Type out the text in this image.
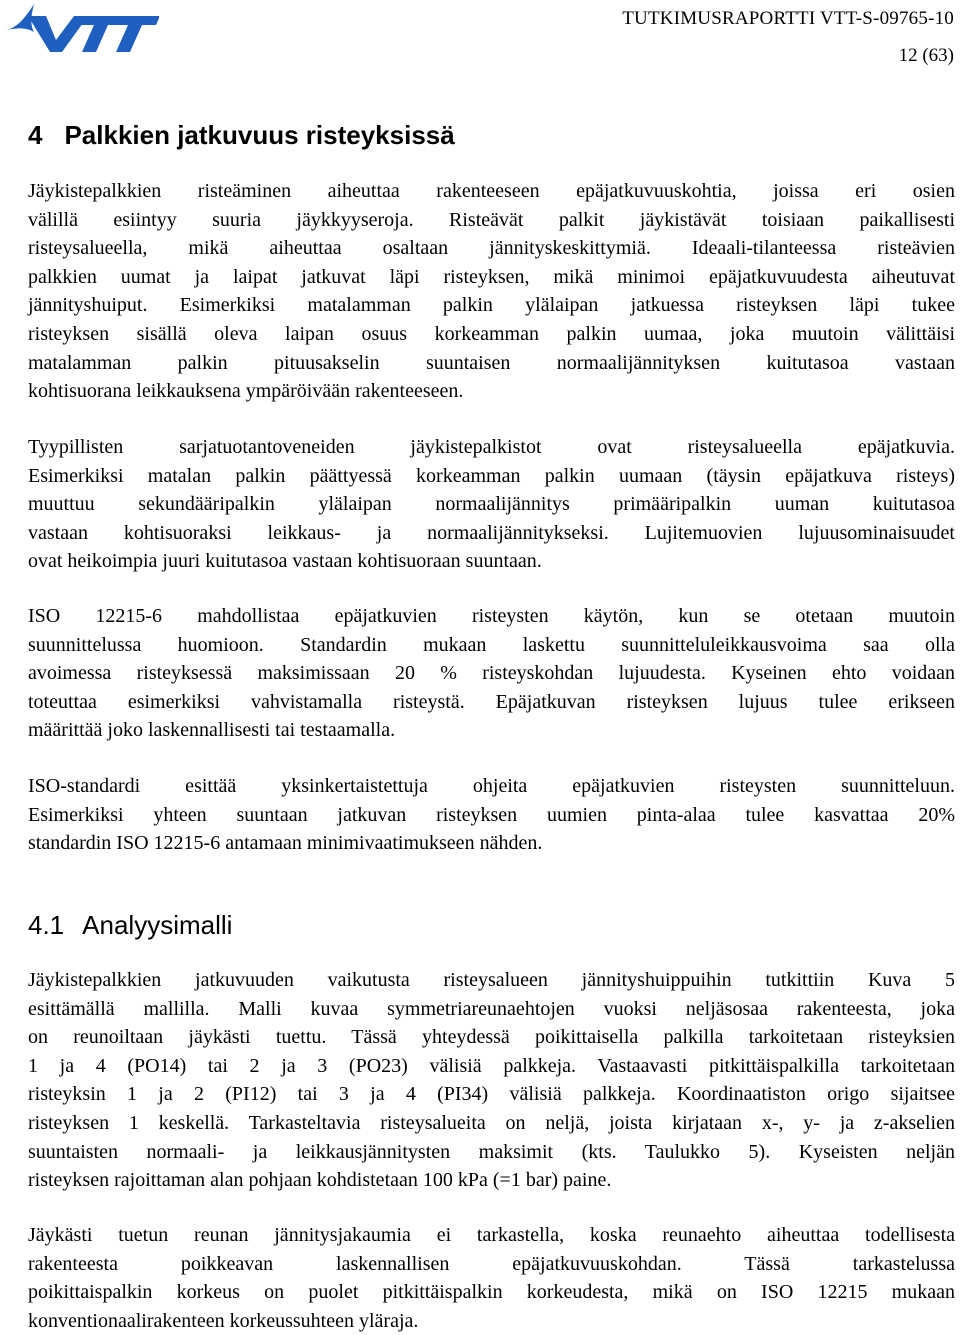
TUTKIMUSRAPORTTI VTT-S-09765-10
12 (63)
4 Palkkien jatkuvuus risteyksissä
Jäykistepalkkien risteäminen aiheuttaa rakenteeseen epäjatkuvuuskohtia, joissa eri osien
välillä esiintyy suuria jäykkyyseroja. Risteävät palkit jäykistävät toisiaan paikallisesti
risteysalueella, mikä aiheuttaa osaltaan jännityskeskittymiä. Ideaali-tilanteessa risteävien
palkkien uumat ja laipat jatkuvat läpi risteyksen, mikä minimoi epäjatkuvuudesta aiheutuvat
jännityshuiput. Esimerkiksi matalamman palkin ylälaipan jatkuessa risteyksen läpi tukee
risteyksen sisällä oleva laipan osuus korkeamman palkin uumaa, joka muutoin välittäisi
matalamman palkin pituusakselin suuntaisen normaalijännityksen kuitutasoa vastaan
kohtisuorana leikkauksena ympäröivään rakenteeseen.
Tyypillisten sarjatuotantoveneiden jäykistepalkistot ovat risteysalueella epäjatkuvia.
Esimerkiksi matalan palkin päättyessä korkeamman palkin uumaan (täysin epäjatkuva risteys)
muuttuu sekundääripalkin ylälaipan normaalijännitys primääripalkin uuman kuitutasoa
vastaan kohtisuoraksi leikkaus- ja normaalijännitykseksi. Lujitemuovien lujuusominaisuudet
ovat heikoimpia juuri kuitutasoa vastaan kohtisuoraan suuntaan.
ISO 12215-6 mahdollistaa epäjatkuvien risteysten käytön, kun se otetaan muutoin
suunnittelussa huomioon. Standardin mukaan laskettu suunnitteluleikkausvoima saa olla
avoimessa risteyksessä maksimissaan 20 % risteyskohdan lujuudesta. Kyseinen ehto voidaan
toteuttaa esimerkiksi vahvistamalla risteystä. Epäjatkuvan risteyksen lujuus tulee erikseen
määrittää joko laskennallisesti tai testaamalla.
ISO-standardi esittää yksinkertaistettuja ohjeita epäjatkuvien risteysten suunnitteluun.
Esimerkiksi yhteen suuntaan jatkuvan risteyksen uumien pinta-alaa tulee kasvattaa 20%
standardin ISO 12215-6 antamaan minimivaatimukseen nähden.
4.1 Analyysimalli
Jäykistepalkkien jatkuvuuden vaikutusta risteysalueen jännityshuippuihin tutkittiin Kuva 5
esittämällä mallilla. Malli kuvaa symmetriareunaehtojen vuoksi neljäsosaa rakenteesta, joka
on reunoiltaan jäykästi tuettu. Tässä yhteydessä poikittaisella palkilla tarkoitetaan risteyksien
1 ja 4 (PO14) tai 2 ja 3 (PO23) välisiä palkkeja. Vastaavasti pitkittäispalkilla tarkoitetaan
risteyksin 1 ja 2 (PI12) tai 3 ja 4 (PI34) välisiä palkkeja. Koordinaatiston origo sijaitsee
risteyksen 1 keskellä. Tarkasteltavia risteysalueita on neljä, joista kirjataan x-, y- ja z-akselien
suuntaisten normaali- ja leikkausjännitysten maksimit (kts. Taulukko 5). Kyseisten neljän
risteyksen rajoittaman alan pohjaan kohdistetaan 100 kPa (=1 bar) paine.
Jäykästi tuetun reunan jännitysjakaumia ei tarkastella, koska reunaehto aiheuttaa todellisesta
rakenteesta poikkeavan laskennallisen epäjatkuvuuskohdan. Tässä tarkastelussa
poikittaispalkin korkeus on puolet pitkittäispalkin korkeudesta, mikä on ISO 12215 mukaan
konventionaalirakenteen korkeussuhteen yläraja.
